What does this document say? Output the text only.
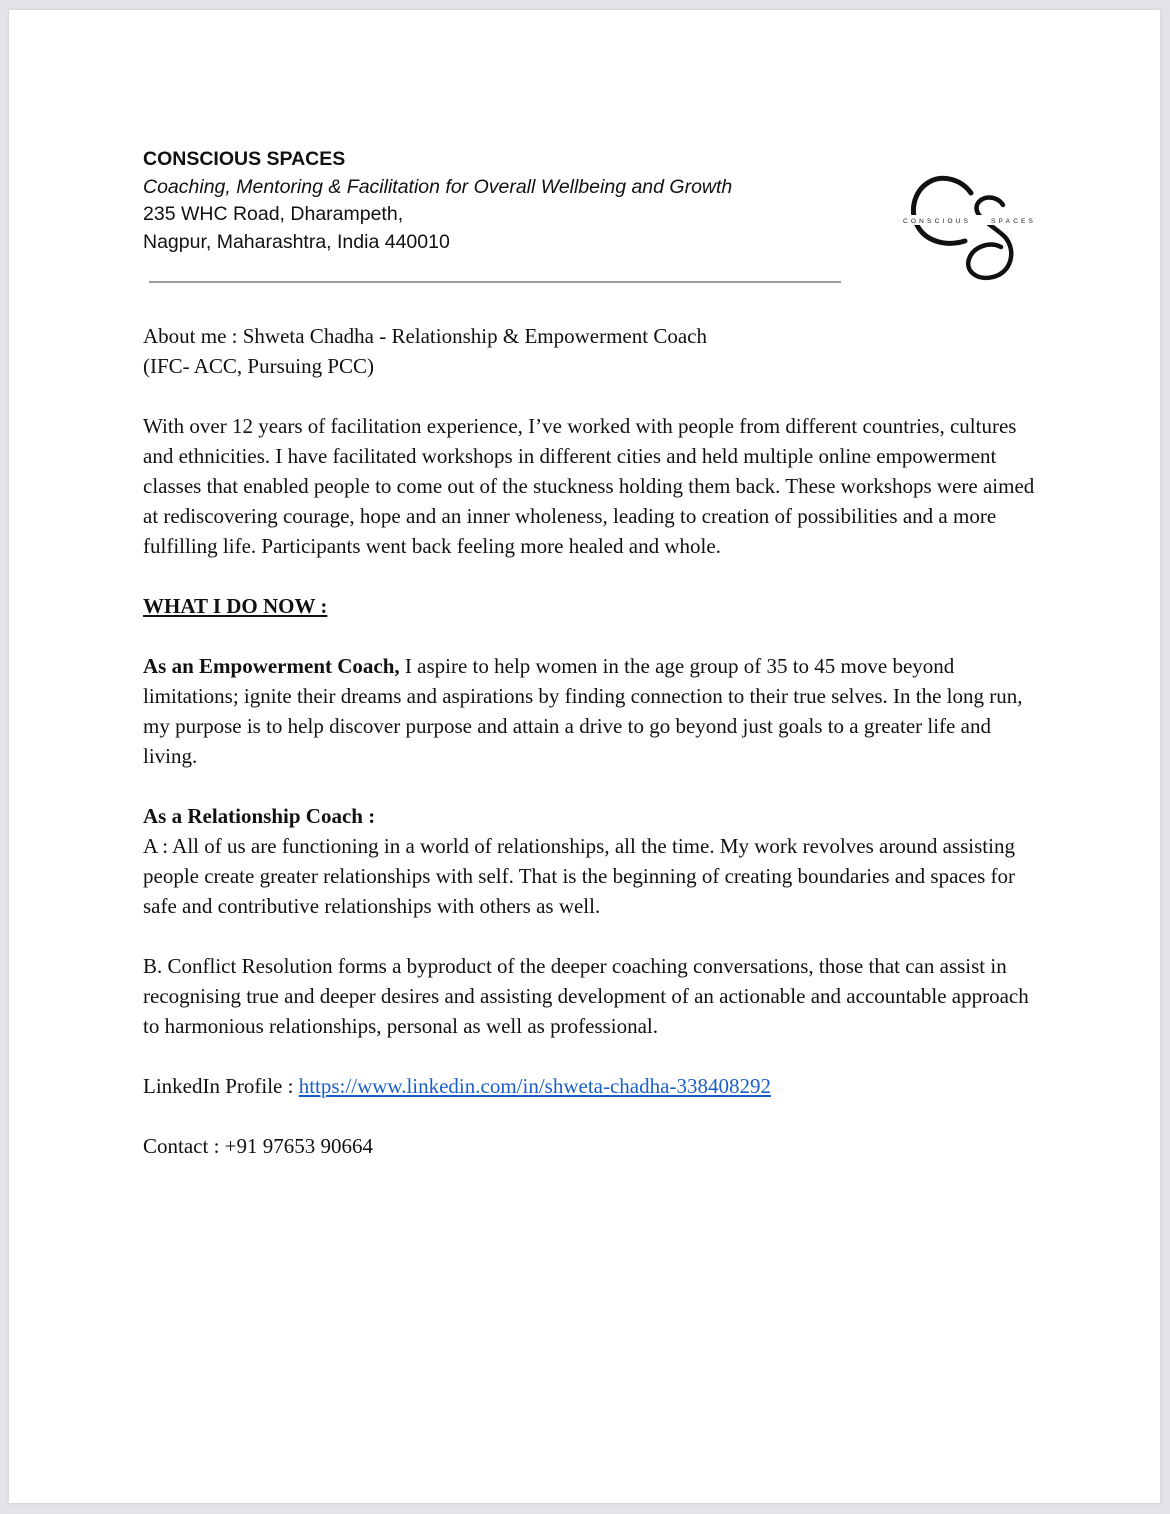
CONSCIOUS SPACES
Coaching, Mentoring & Facilitation for Overall Wellbeing and Growth
235 WHC Road, Dharampeth,
Nagpur, Maharashtra, India 440010
CONSCIOUS	SPACES

About me : Shweta Chadha - Relationship & Empowerment Coach

(IFC- ACC, Pursuing PCC)

With over 12 years of facilitation experience, I’ve worked with people from different countries, cultures and ethnicities. I have facilitated workshops in different cities and held multiple online empowerment classes that enabled people to come out of the stuckness holding them back. These workshops were aimed at rediscovering courage, hope and an inner wholeness, leading to creation of possibilities and a more fulfilling life. Participants went back feeling more healed and whole.

WHAT I DO NOW :

As an Empowerment Coach, I aspire to help women in the age group of 35 to 45 move beyond limitations; ignite their dreams and aspirations by finding connection to their true selves. In the long run, my purpose is to help discover purpose and attain a drive to go beyond just goals to a greater life and living.

As a Relationship Coach :

A : All of us are functioning in a world of relationships, all the time. My work revolves around assisting people create greater relationships with self. That is the beginning of creating boundaries and spaces for safe and contributive relationships with others as well.

B. Conflict Resolution forms a byproduct of the deeper coaching conversations, those that can assist in recognising true and deeper desires and assisting development of an actionable and accountable approach to harmonious relationships, personal as well as professional.

LinkedIn Profile : https://www.linkedin.com/in/shweta-chadha-338408292

Contact : +91 97653 90664
